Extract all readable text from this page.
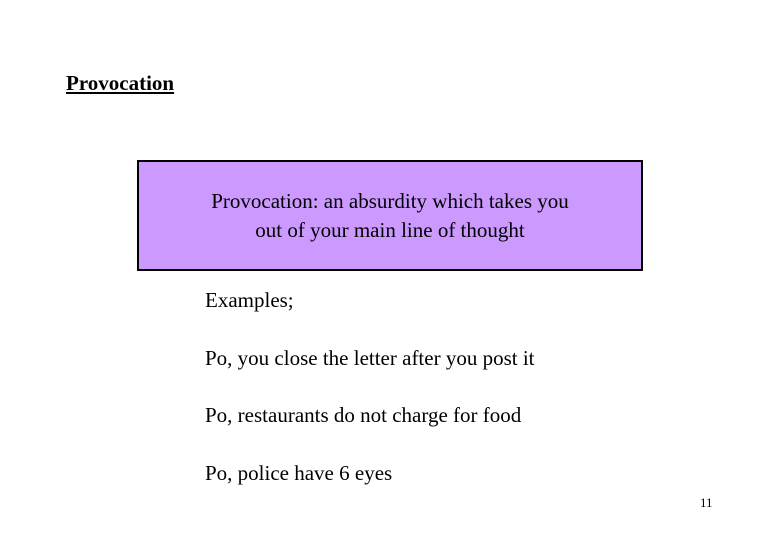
Provocation
Provocation: an absurdity which takes you
out of your main line of thought
Examples;
Po, you close the letter after you post it
Po, restaurants do not charge for food
Po, police have 6 eyes
11
